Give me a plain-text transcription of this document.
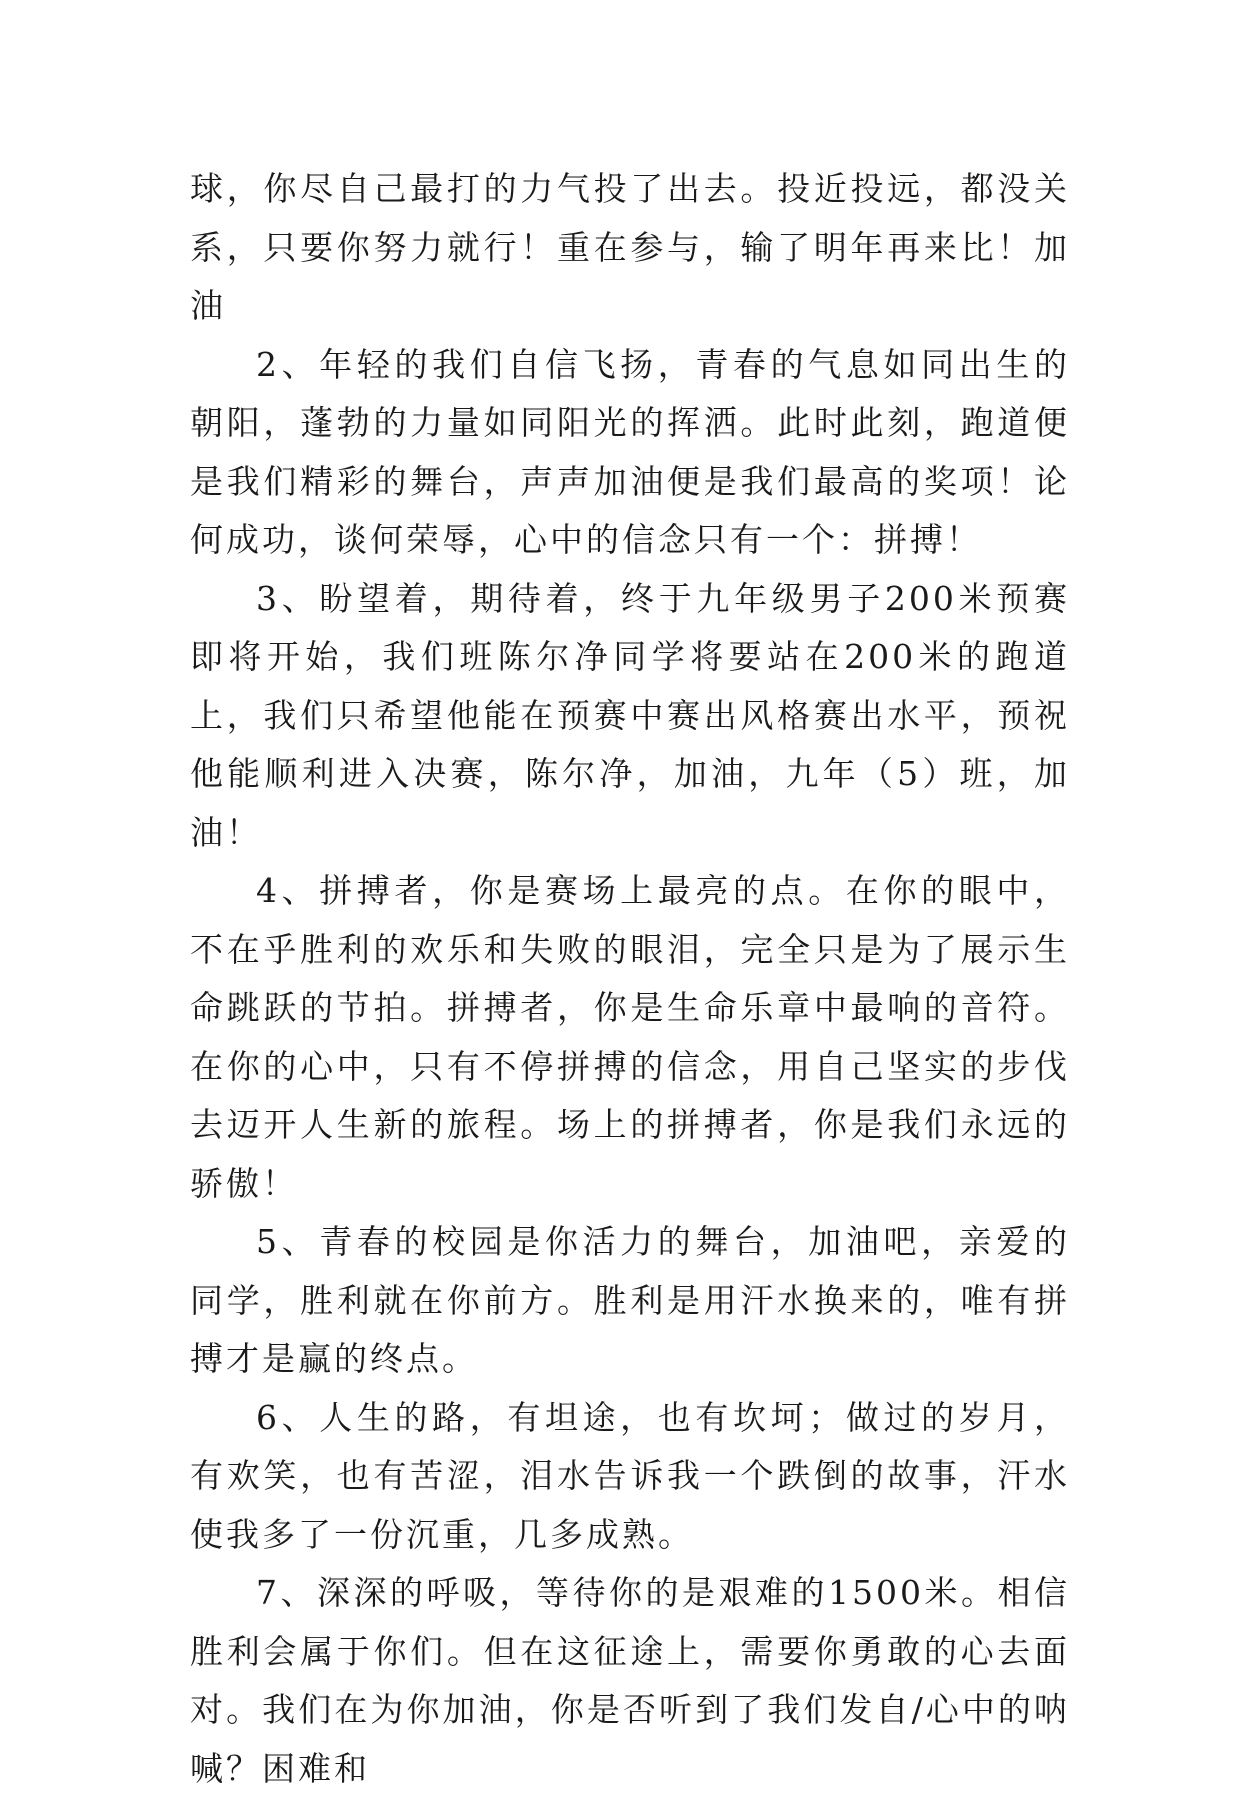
球，你尽自己最打的力气投了出去。投近投远，都没关系，只要你努力就行！重在参与，输了明年再来比！加油

2、年轻的我们自信飞扬，青春的气息如同出生的朝阳，蓬勃的力量如同阳光的挥洒。此时此刻，跑道便是我们精彩的舞台，声声加油便是我们最高的奖项！论何成功，谈何荣辱，心中的信念只有一个：拼搏！

3、盼望着，期待着，终于九年级男子200米预赛即将开始，我们班陈尔净同学将要站在200米的跑道上，我们只希望他能在预赛中赛出风格赛出水平，预祝他能顺利进入决赛，陈尔净，加油，九年（5）班，加油！

4、拼搏者，你是赛场上最亮的点。在你的眼中，不在乎胜利的欢乐和失败的眼泪，完全只是为了展示生命跳跃的节拍。拼搏者，你是生命乐章中最响的音符。在你的心中，只有不停拼搏的信念，用自己坚实的步伐去迈开人生新的旅程。场上的拼搏者，你是我们永远的骄傲！

5、青春的校园是你活力的舞台，加油吧，亲爱的同学，胜利就在你前方。胜利是用汗水换来的，唯有拼搏才是赢的终点。

6、人生的路，有坦途，也有坎坷；做过的岁月，有欢笑，也有苦涩，泪水告诉我一个跌倒的故事，汗水使我多了一份沉重，几多成熟。

7、深深的呼吸，等待你的是艰难的1500米。相信胜利会属于你们。但在这征途上，需要你勇敢的心去面对。我们在为你加油，你是否听到了我们发自/心中的呐喊？困难和
